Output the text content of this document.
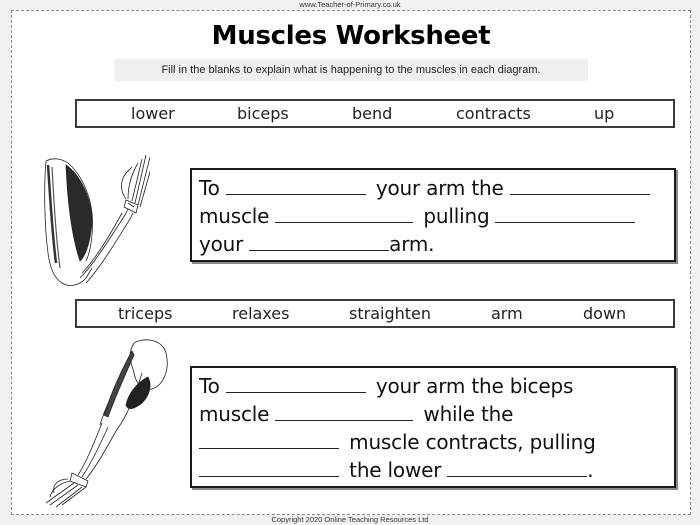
www.Teacher-of-Primary.co.uk
Muscles Worksheet
Fill in the blanks to explain what is happening to the muscles in each diagram.
lower	biceps	bend	contracts	up
To	your arm the
muscle	pulling
your	arm.
triceps	relaxes	straighten	arm	down
To	your arm the biceps
muscle	while the
muscle contracts, pulling
the lower	.
Copyright 2020 Online Teaching Resources Ltd
